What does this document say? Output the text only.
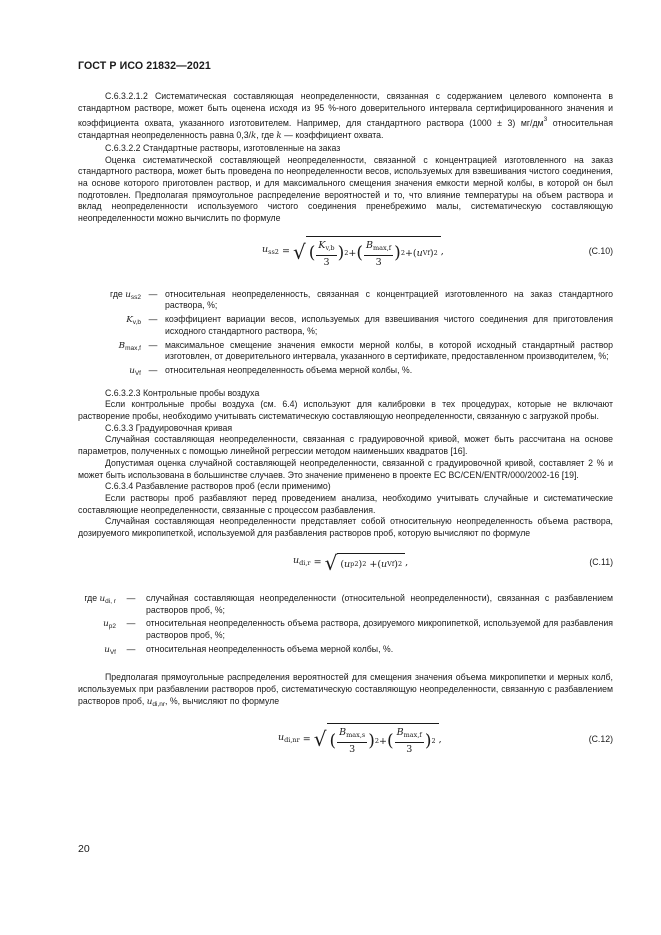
ГОСТ Р ИСО 21832—2021

С.6.3.2.1.2 Систематическая составляющая неопределенности, связанная с содержанием целевого компонента в стандартном растворе, может быть оценена исходя из 95 %-ного доверительного интервала сертифицированного значения и коэффициента охвата, указанного изготовителем. Например, для стандартного раствора (1000 ± 3) $мг/дм^3$ относительная стандартная неопределенность равна 0,3/k, где k — коэффициент охвата.

С.6.3.2.2 Стандартные растворы, изготовленные на заказ

Оценка систематической составляющей неопределенности, связанной с концентрацией изготовленного на заказ стандартного раствора, может быть проведена по неопределенности весов, используемых для взвешивания чистого соединения, на основе которого приготовлен раствор, и для максимального смещения значения емкости мерной колбы, в которой он был подготовлен. Предполагая прямоугольное распределение вероятностей и то, что влияние температуры на объем раствора и вклад неопределенности используемого чистого соединения пренебрежимо малы, систематическую составляющую неопределенности можно вычислить по формуле

$u_{ss2}$
=
√ ( $\frac{K_{v,b}}{3}$ ) 2 + ( $\frac{B_{max,f}}{3}$ ) 2 + ( u Vf ) 2 ,	(С.10)
где $u_{ss2}$ — относительная неопределенность, связанная с концентрацией изготовленного на заказ стандартного раствора, %;
$K_{v,b}$ — коэффициент вариации весов, используемых для взвешивания чистого соединения для приготовления исходного стандартного раствора, %;
$B_{max,f}$ — максимальное смещение значения емкости мерной колбы, в которой исходный стандартный раствор изготовлен, от доверительного интервала, указанного в сертификате, предоставленном производителем, %;
$u_{Vf}$ — относительная неопределенность объема мерной колбы, %.

С.6.3.2.3 Контрольные пробы воздуха

Если контрольные пробы воздуха (см. 6.4) используют для калибровки в тех процедурах, которые не включают растворение пробы, необходимо учитывать систематическую составляющую неопределенности, связанную с загрузкой пробы.

С.6.3.3 Градуировочная кривая

Случайная составляющая неопределенности, связанная с градуировочной кривой, может быть рассчитана на основе параметров, полученных с помощью линейной регрессии методом наименьших квадратов [16].

Допустимая оценка случайной составляющей неопределенности, связанной с градуировочной кривой, составляет 2 % и может быть использована в большинстве случаев. Это значение применено в проекте ЕС BC/CEN/ENTR/000/2002-16 [19].

С.6.3.4 Разбавление растворов проб (если применимо)

Если растворы проб разбавляют перед проведением анализа, необходимо учитывать случайные и систематические составляющие неопределенности, связанные с процессом разбавления.

Случайная составляющая неопределенности представляет собой относительную неопределенность объема раствора, дозируемого микропипеткой, используемой для разбавления растворов проб, которую вычисляют по формуле

$u_{di,r}$
=
√ ( u p2 ) 2
+ ( u Vf ) 2 ,	(С.11)
где $u_{di, r}$	—	случайная составляющая неопределенности (относительной неопределенности), связанная с разбавлением растворов проб, %;
$u_{p2}$	—	относительная неопределенность объема раствора, дозируемого микропипеткой, используемой для разбавления растворов проб, %;
$u_{Vf}$	—	относительная неопределенность объема мерной колбы, %.

Предполагая прямоугольные распределения вероятностей для смещения значения объема микропипетки и мерных колб, используемых при разбавлении растворов проб, систематическую составляющую неопределенности, связанную с разбавлением растворов проб, $u_{di,nr}$, %, вычисляют по формуле

$u_{di,nr}$
=
√ ( $\frac{B_{max,s}}{3}$ ) 2 + ( $\frac{B_{max,f}}{3}$ ) 2 ,	(С.12)
20
